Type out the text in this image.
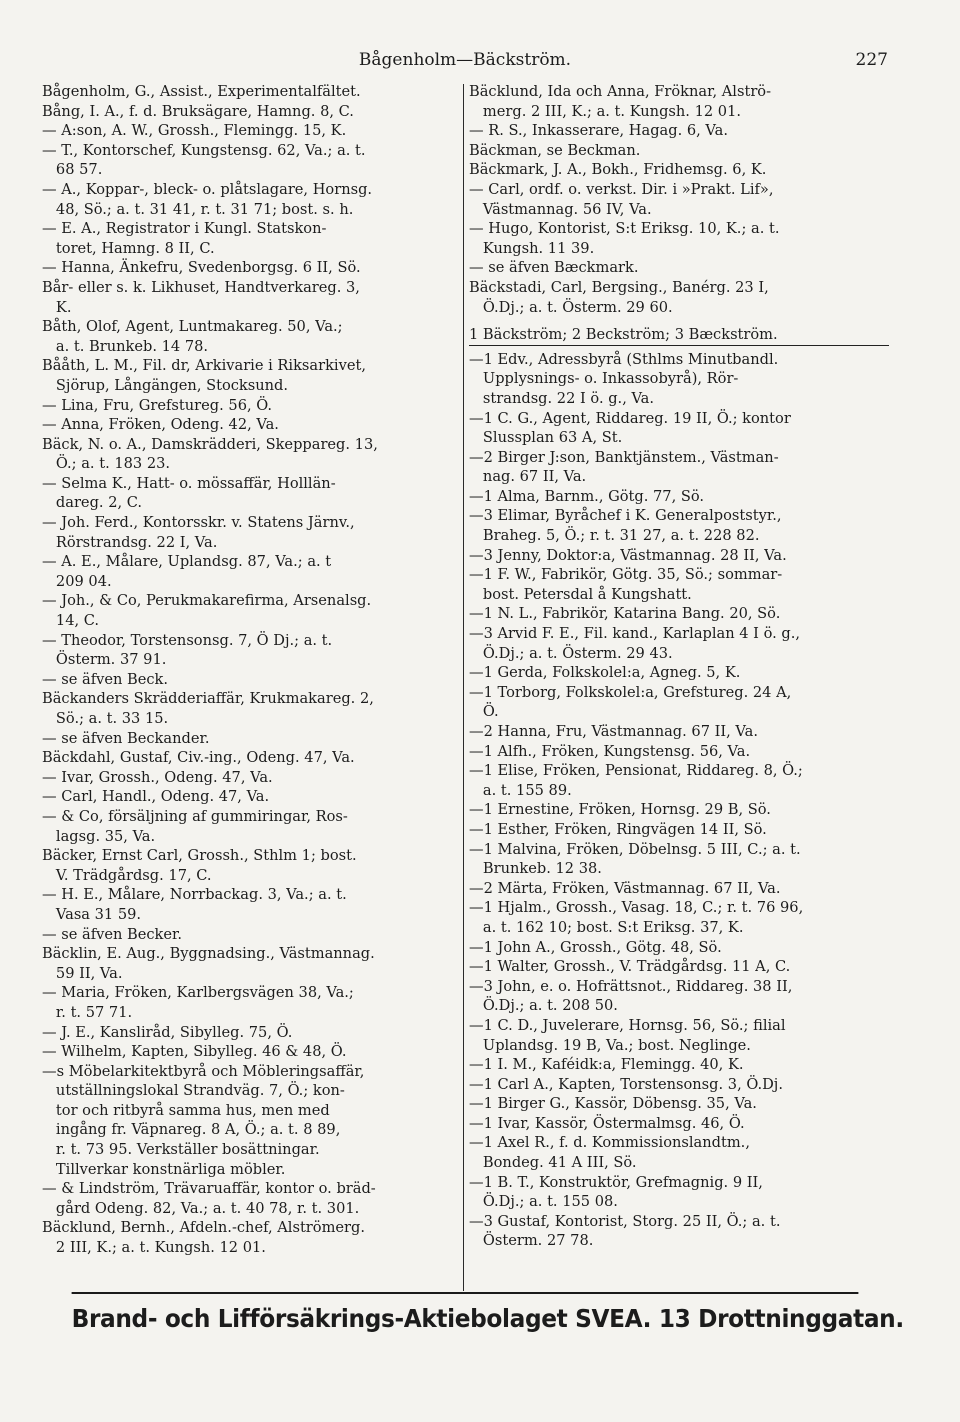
Bågenholm—Bäckström.	227
Bågenholm, G., Assist., Experimentalfältet.
Bång, I. A., f. d. Bruksägare, Hamng. 8, C.
— A:son, A. W., Grossh., Flemingg. 15, K.
— T., Kontorschef, Kungstensg. 62, Va.; a. t.
68 57.
— A., Koppar-, bleck- o. plåtslagare, Hornsg.
48, Sö.; a. t. 31 41, r. t. 31 71; bost. s. h.
— E. A., Registrator i Kungl. Statskon-
toret, Hamng. 8 II, C.
— Hanna, Änkefru, Svedenborgsg. 6 II, Sö.
Bår- eller s. k. Likhuset, Handtverkareg. 3,
K.
Båth, Olof, Agent, Luntmakareg. 50, Va.;
a. t. Brunkeb. 14 78.
Bååth, L. M., Fil. dr, Arkivarie i Riksarkivet,
Sjörup, Långängen, Stocksund.
— Lina, Fru, Grefstureg. 56, Ö.
— Anna, Fröken, Odeng. 42, Va.
Bäck, N. o. A., Damskrädderi, Skeppareg. 13,
Ö.; a. t. 183 23.
— Selma K., Hatt- o. mössaffär, Holllän-
dareg. 2, C.
— Joh. Ferd., Kontorsskr. v. Statens Järnv.,
Rörstrandsg. 22 I, Va.
— A. E., Målare, Uplandsg. 87, Va.; a. t
209 04.
— Joh., & Co, Perukmakarefirma, Arsenalsg.
14, C.
— Theodor, Torstensonsg. 7, Ö Dj.; a. t.
Österm. 37 91.
— se äfven Beck.
Bäckanders Skrädderiaffär, Krukmakareg. 2,
Sö.; a. t. 33 15.
— se äfven Beckander.
Bäckdahl, Gustaf, Civ.-ing., Odeng. 47, Va.
— Ivar, Grossh., Odeng. 47, Va.
— Carl, Handl., Odeng. 47, Va.
— & Co, försäljning af gummiringar, Ros-
lagsg. 35, Va.
Bäcker, Ernst Carl, Grossh., Sthlm 1; bost.
V. Trädgårdsg. 17, C.
— H. E., Målare, Norrbackag. 3, Va.; a. t.
Vasa 31 59.
— se äfven Becker.
Bäcklin, E. Aug., Byggnadsing., Västmannag.
59 II, Va.
— Maria, Fröken, Karlbergsvägen 38, Va.;
r. t. 57 71.
— J. E., Kansliråd, Sibylleg. 75, Ö.
— Wilhelm, Kapten, Sibylleg. 46 & 48, Ö.
—s Möbelarkitektbyrå och Möbleringsaffär,
utställningslokal Strandväg. 7, Ö.; kon-
tor och ritbyrå samma hus, men med
ingång fr. Väpnareg. 8 A, Ö.; a. t. 8 89,
r. t. 73 95. Verkställer bosättningar.
Tillverkar konstnärliga möbler.
— & Lindström, Trävaruaffär, kontor o. bräd-
gård Odeng. 82, Va.; a. t. 40 78, r. t. 301.
Bäcklund, Bernh., Afdeln.-chef, Alströmerg.
2 III, K.; a. t. Kungsh. 12 01.
Bäcklund, Ida och Anna, Fröknar, Alströ-
merg. 2 III, K.; a. t. Kungsh. 12 01.
— R. S., Inkasserare, Hagag. 6, Va.
Bäckman, se Beckman.
Bäckmark, J. A., Bokh., Fridhemsg. 6, K.
— Carl, ordf. o. verkst. Dir. i »Prakt. Lif»,
Västmannag. 56 IV, Va.
— Hugo, Kontorist, S:t Eriksg. 10, K.; a. t.
Kungsh. 11 39.
— se äfven Bæckmark.
Bäckstadi, Carl, Bergsing., Banérg. 23 I,
Ö.Dj.; a. t. Österm. 29 60.
1 Bäckström; 2 Beckström; 3 Bæckström.
—1 Edv., Adressbyrå (Sthlms Minutbandl.
Upplysnings- o. Inkassobyrå), Rör-
strandsg. 22 I ö. g., Va.
—1 C. G., Agent, Riddareg. 19 II, Ö.; kontor
Slussplan 63 A, St.
—2 Birger J:son, Banktjänstem., Västman-
nag. 67 II, Va.
—1 Alma, Barnm., Götg. 77, Sö.
—3 Elimar, Byråchef i K. Generalpoststyr.,
Braheg. 5, Ö.; r. t. 31 27, a. t. 228 82.
—3 Jenny, Doktor:a, Västmannag. 28 II, Va.
—1 F. W., Fabrikör, Götg. 35, Sö.; sommar-
bost. Petersdal å Kungshatt.
—1 N. L., Fabrikör, Katarina Bang. 20, Sö.
—3 Arvid F. E., Fil. kand., Karlaplan 4 I ö. g.,
Ö.Dj.; a. t. Österm. 29 43.
—1 Gerda, Folkskolel:a, Agneg. 5, K.
—1 Torborg, Folkskolel:a, Grefstureg. 24 A,
Ö.
—2 Hanna, Fru, Västmannag. 67 II, Va.
—1 Alfh., Fröken, Kungstensg. 56, Va.
—1 Elise, Fröken, Pensionat, Riddareg. 8, Ö.;
a. t. 155 89.
—1 Ernestine, Fröken, Hornsg. 29 B, Sö.
—1 Esther, Fröken, Ringvägen 14 II, Sö.
—1 Malvina, Fröken, Döbelnsg. 5 III, C.; a. t.
Brunkeb. 12 38.
—2 Märta, Fröken, Västmannag. 67 II, Va.
—1 Hjalm., Grossh., Vasag. 18, C.; r. t. 76 96,
a. t. 162 10; bost. S:t Eriksg. 37, K.
—1 John A., Grossh., Götg. 48, Sö.
—1 Walter, Grossh., V. Trädgårdsg. 11 A, C.
—3 John, e. o. Hofrättsnot., Riddareg. 38 II,
Ö.Dj.; a. t. 208 50.
—1 C. D., Juvelerare, Hornsg. 56, Sö.; filial
Uplandsg. 19 B, Va.; bost. Neglinge.
—1 I. M., Kaféidk:a, Flemingg. 40, K.
—1 Carl A., Kapten, Torstensonsg. 3, Ö.Dj.
—1 Birger G., Kassör, Döbensg. 35, Va.
—1 Ivar, Kassör, Östermalmsg. 46, Ö.
—1 Axel R., f. d. Kommissionslandtm.,
Bondeg. 41 A III, Sö.
—1 B. T., Konstruktör, Grefmagnig. 9 II,
Ö.Dj.; a. t. 155 08.
—3 Gustaf, Kontorist, Storg. 25 II, Ö.; a. t.
Österm. 27 78.
Brand- och Lifförsäkrings-Aktiebolaget SVEA. 13 Drottninggatan.
